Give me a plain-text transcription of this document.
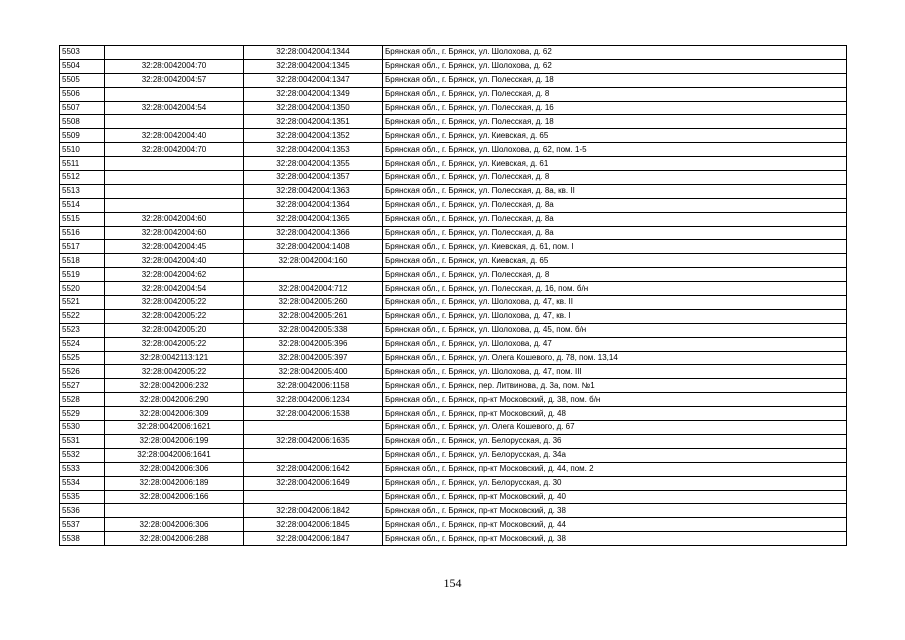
5503		32:28:0042004:1344	Брянская обл., г. Брянск, ул. Шолохова, д. 62
5504	32:28:0042004:70	32:28:0042004:1345	Брянская обл., г. Брянск, ул. Шолохова, д. 62
5505	32:28:0042004:57	32:28:0042004:1347	Брянская обл., г. Брянск, ул. Полесская, д. 18
5506		32:28:0042004:1349	Брянская обл., г. Брянск, ул. Полесская, д. 8
5507	32:28:0042004:54	32:28:0042004:1350	Брянская обл., г. Брянск, ул. Полесская, д. 16
5508		32:28:0042004:1351	Брянская обл., г. Брянск, ул. Полесская, д. 18
5509	32:28:0042004:40	32:28:0042004:1352	Брянская обл., г. Брянск, ул. Киевская, д. 65
5510	32:28:0042004:70	32:28:0042004:1353	Брянская обл., г. Брянск, ул. Шолохова, д. 62, пом. 1-5
5511		32:28:0042004:1355	Брянская обл., г. Брянск, ул. Киевская, д. 61
5512		32:28:0042004:1357	Брянская обл., г. Брянск, ул. Полесская, д. 8
5513		32:28:0042004:1363	Брянская обл., г. Брянск, ул. Полесская, д. 8а, кв. II
5514		32:28:0042004:1364	Брянская обл., г. Брянск, ул. Полесская, д. 8а
5515	32:28:0042004:60	32:28:0042004:1365	Брянская обл., г. Брянск, ул. Полесская, д. 8а
5516	32:28:0042004:60	32:28:0042004:1366	Брянская обл., г. Брянск, ул. Полесская, д. 8а
5517	32:28:0042004:45	32:28:0042004:1408	Брянская обл., г. Брянск, ул. Киевская, д. 61, пом. I
5518	32:28:0042004:40	32:28:0042004:160	Брянская обл., г. Брянск, ул. Киевская, д. 65
5519	32:28:0042004:62		Брянская обл., г. Брянск, ул. Полесская, д. 8
5520	32:28:0042004:54	32:28:0042004:712	Брянская обл., г. Брянск, ул. Полесская, д. 16, пом. б/н
5521	32:28:0042005:22	32:28:0042005:260	Брянская обл., г. Брянск, ул. Шолохова, д. 47, кв. II
5522	32:28:0042005:22	32:28:0042005:261	Брянская обл., г. Брянск, ул. Шолохова, д. 47, кв. I
5523	32:28:0042005:20	32:28:0042005:338	Брянская обл., г. Брянск, ул. Шолохова, д. 45, пом. б/н
5524	32:28:0042005:22	32:28:0042005:396	Брянская обл., г. Брянск, ул. Шолохова, д. 47
5525	32:28:0042113:121	32:28:0042005:397	Брянская обл., г. Брянск, ул. Олега Кошевого, д. 78, пом. 13,14
5526	32:28:0042005:22	32:28:0042005:400	Брянская обл., г. Брянск, ул. Шолохова, д. 47, пом. III
5527	32:28:0042006:232	32:28:0042006:1158	Брянская обл., г. Брянск, пер. Литвинова, д. 3а, пом. №1
5528	32:28:0042006:290	32:28:0042006:1234	Брянская обл., г. Брянск, пр-кт Московский, д. 38, пом. б/н
5529	32:28:0042006:309	32:28:0042006:1538	Брянская обл., г. Брянск, пр-кт Московский, д. 48
5530	32:28:0042006:1621		Брянская обл., г. Брянск, ул. Олега Кошевого, д. 67
5531	32:28:0042006:199	32:28:0042006:1635	Брянская обл., г. Брянск, ул. Белорусская, д. 36
5532	32:28:0042006:1641		Брянская обл., г. Брянск, ул. Белорусская, д. 34а
5533	32:28:0042006:306	32:28:0042006:1642	Брянская обл., г. Брянск, пр-кт Московский, д. 44, пом. 2
5534	32:28:0042006:189	32:28:0042006:1649	Брянская обл., г. Брянск, ул. Белорусская, д. 30
5535	32:28:0042006:166		Брянская обл., г. Брянск, пр-кт Московский, д. 40
5536		32:28:0042006:1842	Брянская обл., г. Брянск, пр-кт Московский, д. 38
5537	32:28:0042006:306	32:28:0042006:1845	Брянская обл., г. Брянск, пр-кт Московский, д. 44
5538	32:28:0042006:288	32:28:0042006:1847	Брянская обл., г. Брянск, пр-кт Московский, д. 38
154
